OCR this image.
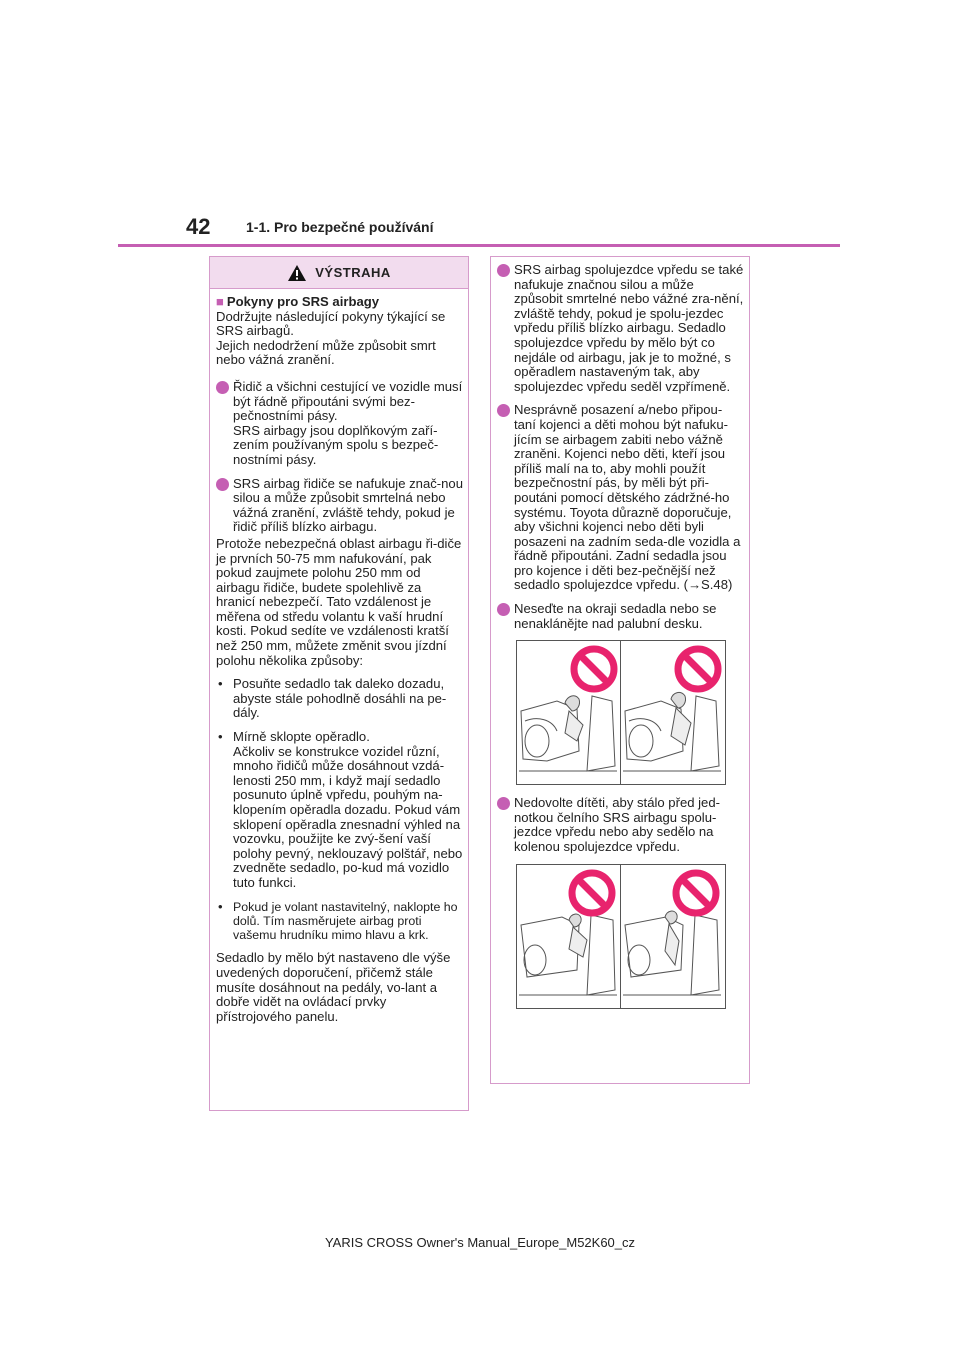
42	1-1. Pro bezpečné používání
VÝSTRAHA
■ Pokyny pro SRS airbagy

Dodržujte následující pokyny týkající se SRS airbagů.
Jejich nedodržení může způsobit smrt nebo vážná zranění.

Řidič a všichni cestující ve vozidle musí být řádně připoutáni svými bez-pečnostními pásy.
SRS airbagy jsou doplňkovým zaří-zením používaným spolu s bezpeč-nostními pásy.
SRS airbag řidiče se nafukuje znač-nou silou a může způsobit smrtelná nebo vážná zranění, zvláště tehdy, pokud je řidič příliš blízko airbagu.

Protože nebezpečná oblast airbagu ři-diče je prvních 50-75 mm nafukování, pak pokud zaujmete polohu 250 mm od airbagu řidiče, budete spolehlivě za hranicí nebezpečí. Tato vzdálenost je měřena od středu volantu k vaší hrudní kosti. Pokud sedíte ve vzdálenosti kratší než 250 mm, můžete změnit svou jízdní polohu několika způsoby:

• Posuňte sedadlo tak daleko dozadu, abyste stále pohodlně dosáhli na pe-dály.
• Mírně sklopte opěradlo.
Ačkoliv se konstrukce vozidel různí, mnoho řidičů může dosáhnout vzdá-lenosti 250 mm, i když mají sedadlo posunuto úplně vpředu, pouhým na-klopením opěradla dozadu. Pokud vám sklopení opěradla znesnadní výhled na vozovku, použijte ke zvý-šení vaší polohy pevný, neklouzavý polštář, nebo zvedněte sedadlo, po-kud má vozidlo tuto funkci.
• Pokud je volant nastavitelný, naklopte ho dolů. Tím nasměrujete airbag proti vašemu hrudníku mimo hlavu a krk.

Sedadlo by mělo být nastaveno dle výše uvedených doporučení, přičemž stále musíte dosáhnout na pedály, vo-lant a dobře vidět na ovládací prvky přístrojového panelu.

SRS airbag spolujezdce vpředu se také nafukuje značnou silou a může způsobit smrtelné nebo vážné zra-nění, zvláště tehdy, pokud je spolu-jezdec vpředu příliš blízko airbagu. Sedadlo spolujezdce vpředu by mělo být co nejdále od airbagu, jak je to možné, s opěradlem nastaveným tak, aby spolujezdec vpředu seděl vzpřímeně.
Nesprávně posazení a/nebo připou-taní kojenci a děti mohou být nafuku-jícím se airbagem zabiti nebo vážně zraněni. Kojenci nebo děti, kteří jsou příliš malí na to, aby mohli použít bezpečnostní pás, by měli být při-poutáni pomocí dětského zádržné-ho systému. Toyota důrazně doporučuje, aby všichni kojenci nebo děti byli posazeni na zadním seda-dle vozidla a řádně připoutáni. Zadní sedadla jsou pro kojence i děti bez-pečnější než sedadlo spolujezdce vpředu. (→S.48)
Neseďte na okraji sedadla nebo se nenaklánějte nad palubní desku.
Nedovolte dítěti, aby stálo před jed-notkou čelního SRS airbagu spolu-jezdce vpředu nebo aby sedělo na kolenou spolujezdce vpředu.
YARIS CROSS Owner's Manual_Europe_M52K60_cz
